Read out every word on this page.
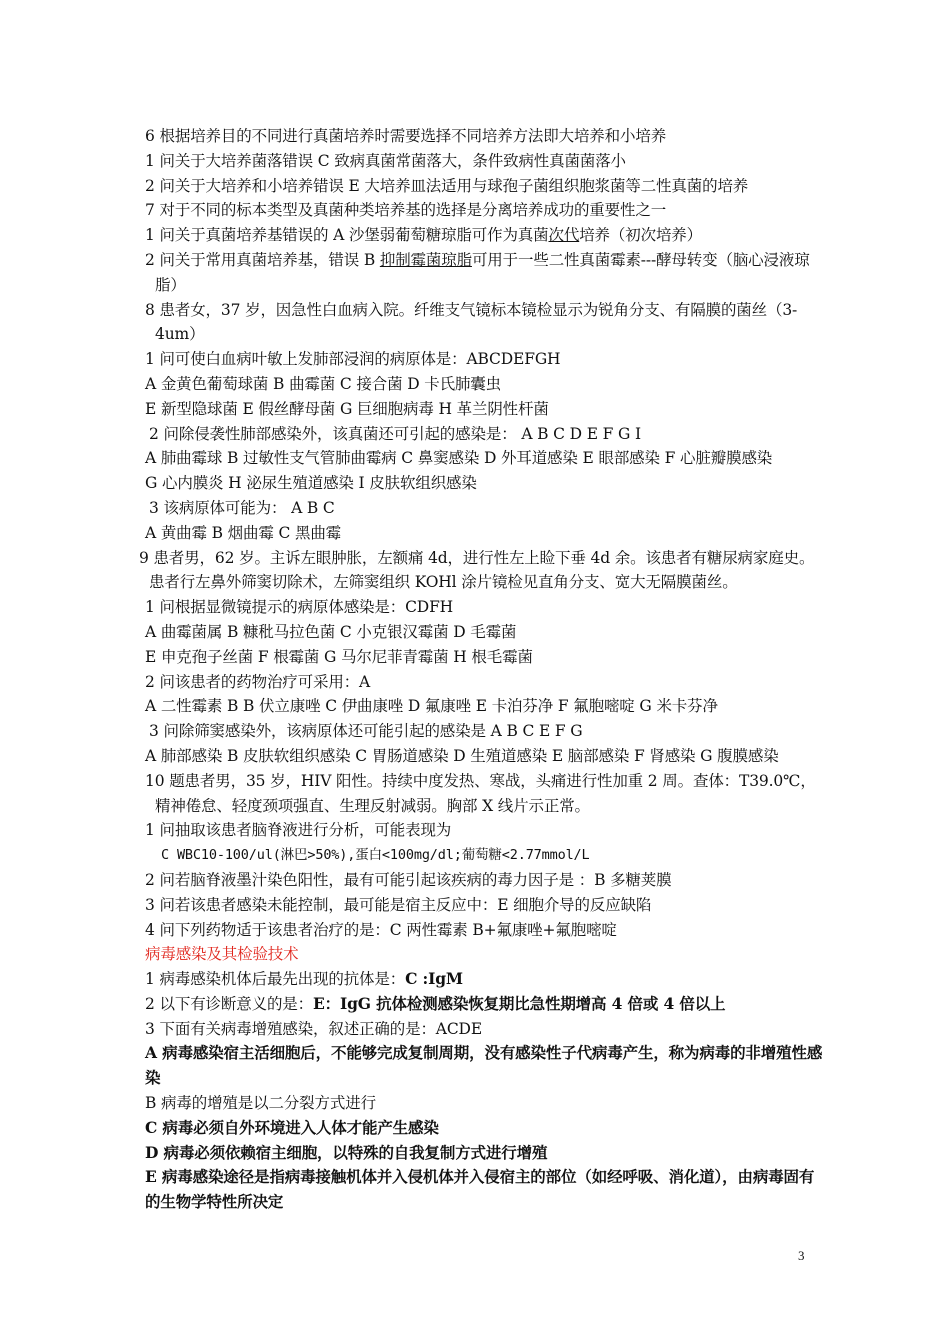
6 根据培养目的不同进行真菌培养时需要选择不同培养方法即大培养和小培养
1 问关于大培养菌落错误 C 致病真菌常菌落大，条件致病性真菌菌落小
2 问关于大培养和小培养错误 E 大培养皿法适用与球孢子菌组织胞浆菌等二性真菌的培养
7 对于不同的标本类型及真菌种类培养基的选择是分离培养成功的重要性之一
1 问关于真菌培养基错误的 A 沙堡弱葡萄糖琼脂可作为真菌次代培养（初次培养）
2 问关于常用真菌培养基，错误 B 抑制霉菌琼脂可用于一些二性真菌霉素---酵母转变（脑心浸液琼脂）
8 患者女，37 岁，因急性白血病入院。纤维支气镜标本镜检显示为锐角分支、有隔膜的菌丝（3-4um）
1 问可使白血病叶敏上发肺部浸润的病原体是：ABCDEFGH
A 金黄色葡萄球菌 B 曲霉菌 C 接合菌 D 卡氏肺囊虫
E 新型隐球菌 E 假丝酵母菌 G 巨细胞病毒 H 革兰阴性杆菌
2 问除侵袭性肺部感染外，该真菌还可引起的感染是： A B C D E F G I
A 肺曲霉球 B 过敏性支气管肺曲霉病 C 鼻窦感染 D 外耳道感染 E 眼部感染 F 心脏瓣膜感染
G 心内膜炎 H 泌尿生殖道感染 I 皮肤软组织感染
3 该病原体可能为： A B C
A 黄曲霉 B 烟曲霉 C 黑曲霉
9 患者男，62 岁。主诉左眼肿胀，左额痛 4d，进行性左上睑下垂 4d 余。该患者有糖尿病家庭史。患者行左鼻外筛窦切除术，左筛窦组织 KOHl 涂片镜检见直角分支、宽大无隔膜菌丝。
1 问根据显微镜提示的病原体感染是：CDFH
A 曲霉菌属 B 糠秕马拉色菌 C 小克银汉霉菌 D 毛霉菌
E 申克孢子丝菌 F 根霉菌 G 马尔尼菲青霉菌 H 根毛霉菌
2 问该患者的药物治疗可采用：A
A 二性霉素 B B 伏立康唑 C 伊曲康唑 D 氟康唑 E 卡泊芬净 F 氟胞嘧啶 G 米卡芬净
3 问除筛窦感染外，该病原体还可能引起的感染是 A B C E F G
A 肺部感染 B 皮肤软组织感染 C 胃肠道感染 D 生殖道感染 E 脑部感染 F 肾感染 G 腹膜感染
10 题患者男，35 岁，HIV 阳性。持续中度发热、寒战，头痛进行性加重 2 周。查体：T39.0℃，精神倦怠、轻度颈项强直、生理反射减弱。胸部 X 线片示正常。
1 问抽取该患者脑脊液进行分析，可能表现为
C WBC10-100/ul(淋巴>50%),蛋白<100mg/dl;葡萄糖<2.77mmol/L
2 问若脑脊液墨汁染色阳性，最有可能引起该疾病的毒力因子是 ：B 多糖荚膜
3 问若该患者感染未能控制，最可能是宿主反应中：E 细胞介导的反应缺陷
4 问下列药物适于该患者治疗的是：C 两性霉素 B+氟康唑+氟胞嘧啶
病毒感染及其检验技术
1 病毒感染机体后最先出现的抗体是：C :IgM
2 以下有诊断意义的是：E：IgG 抗体检测感染恢复期比急性期增高 4 倍或 4 倍以上
3 下面有关病毒增殖感染，叙述正确的是：ACDE
A 病毒感染宿主活细胞后，不能够完成复制周期，没有感染性子代病毒产生，称为病毒的非增殖性感染
B 病毒的增殖是以二分裂方式进行
C 病毒必须自外环境进入人体才能产生感染
D 病毒必须依赖宿主细胞，以特殊的自我复制方式进行增殖
E 病毒感染途径是指病毒接触机体并入侵机体并入侵宿主的部位（如经呼吸、消化道），由病毒固有的生物学特性所决定
3
